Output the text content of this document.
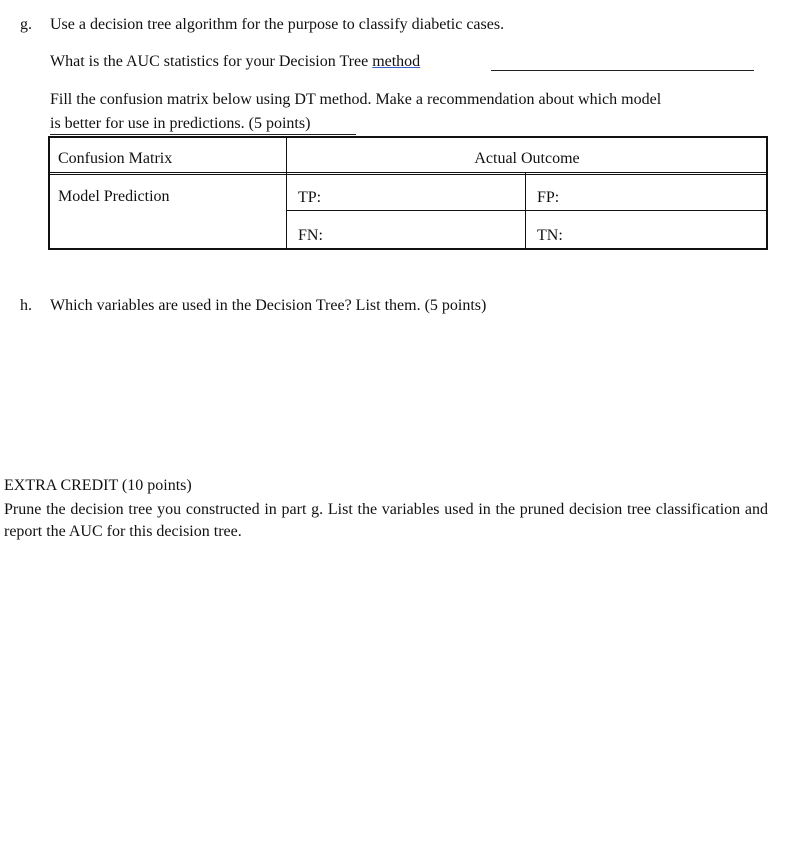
g. Use a decision tree algorithm for the purpose to classify diabetic cases.
What is the AUC statistics for your Decision Tree method
Fill the confusion matrix below using DT method. Make a recommendation about which model
is better for use in predictions. (5 points)
Confusion Matrix	Actual Outcome
Model Prediction	TP:	FP:
FN:	TN:
h. Which variables are used in the Decision Tree? List them. (5 points)
EXTRA CREDIT (10 points)
Prune the decision tree you constructed in part g. List the variables used in the pruned decision tree classification and report the AUC for this decision tree.
